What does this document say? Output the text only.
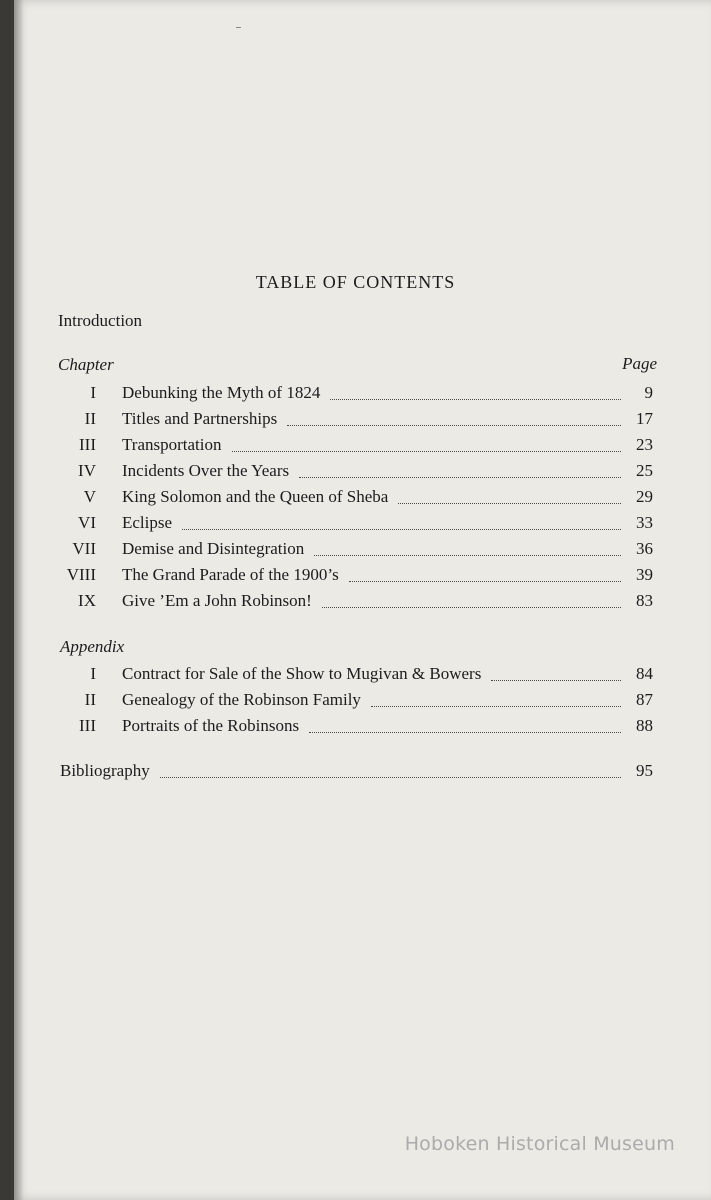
TABLE OF CONTENTS
Introduction
Chapter	Page
I Debunking the Myth of 1824	9
II Titles and Partnerships	17
III Transportation	23
IV Incidents Over the Years	25
V King Solomon and the Queen of Sheba	29
VI Eclipse	33
VII Demise and Disintegration	36
VIII The Grand Parade of the 1900’s	39
IX Give ’Em a John Robinson!	83
Appendix
I Contract for Sale of the Show to Mugivan & Bowers	84
II Genealogy of the Robinson Family	87
III Portraits of the Robinsons	88
Bibliography	95
Hoboken Historical Museum
